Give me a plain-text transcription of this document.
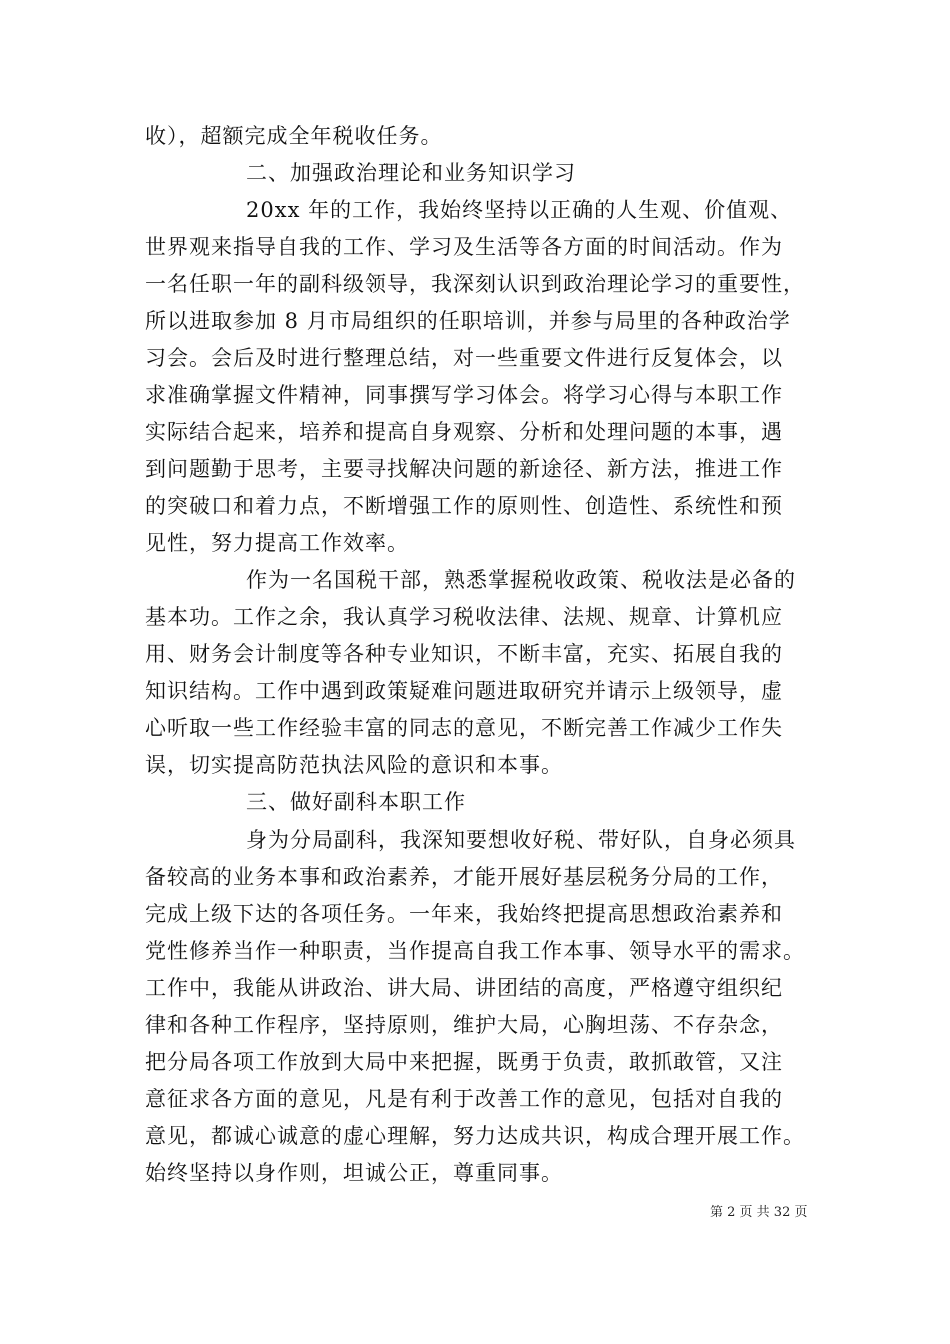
收），超额完成全年税收任务。
二、加强政治理论和业务知识学习
20xx 年的工作，我始终坚持以正确的人生观、价值观、
世界观来指导自我的工作、学习及生活等各方面的时间活动。作为
一名任职一年的副科级领导，我深刻认识到政治理论学习的重要性，
所以进取参加 8 月市局组织的任职培训，并参与局里的各种政治学
习会。会后及时进行整理总结，对一些重要文件进行反复体会，以
求准确掌握文件精神，同事撰写学习体会。将学习心得与本职工作
实际结合起来，培养和提高自身观察、分析和处理问题的本事，遇
到问题勤于思考，主要寻找解决问题的新途径、新方法，推进工作
的突破口和着力点，不断增强工作的原则性、创造性、系统性和预
见性，努力提高工作效率。
作为一名国税干部，熟悉掌握税收政策、税收法是必备的
基本功。工作之余，我认真学习税收法律、法规、规章、计算机应
用、财务会计制度等各种专业知识，不断丰富，充实、拓展自我的
知识结构。工作中遇到政策疑难问题进取研究并请示上级领导，虚
心听取一些工作经验丰富的同志的意见，不断完善工作减少工作失
误，切实提高防范执法风险的意识和本事。
三、做好副科本职工作
身为分局副科，我深知要想收好税、带好队，自身必须具
备较高的业务本事和政治素养，才能开展好基层税务分局的工作，
完成上级下达的各项任务。一年来，我始终把提高思想政治素养和
党性修养当作一种职责，当作提高自我工作本事、领导水平的需求。
工作中，我能从讲政治、讲大局、讲团结的高度，严格遵守组织纪
律和各种工作程序，坚持原则，维护大局，心胸坦荡、不存杂念，
把分局各项工作放到大局中来把握，既勇于负责，敢抓敢管，又注
意征求各方面的意见，凡是有利于改善工作的意见，包括对自我的
意见，都诚心诚意的虚心理解，努力达成共识，构成合理开展工作。
始终坚持以身作则，坦诚公正，尊重同事。
第 2 页 共 32 页
